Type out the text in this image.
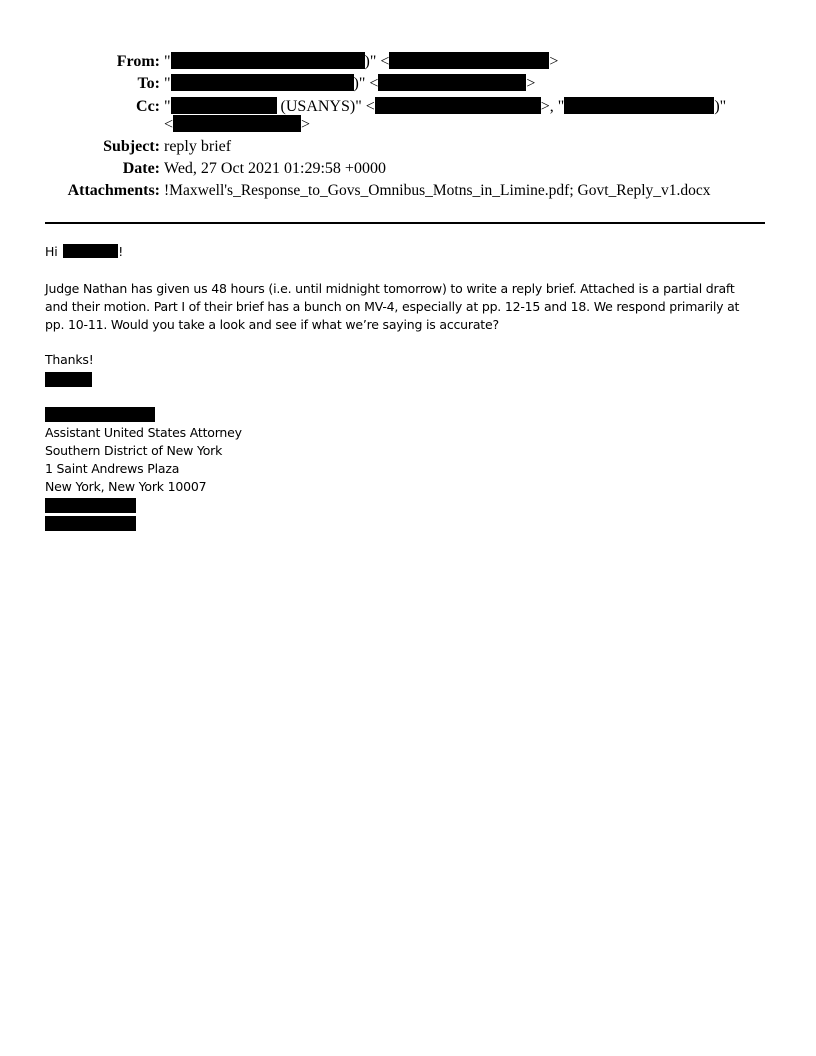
From: "	)" <	>
To: "	)" <	>
Cc: "	(USANYS)" <	>, "	)"
<	>
Subject: reply brief
Date: Wed, 27 Oct 2021 01:29:58 +0000
Attachments: !Maxwell's_Response_to_Govs_Omnibus_Motns_in_Limine.pdf; Govt_Reply_v1.docx
Hi	!
Judge Nathan has given us 48 hours (i.e. until midnight tomorrow) to write a reply brief. Attached is a partial draft and their motion. Part I of their brief has a bunch on MV-4, especially at pp. 12-15 and 18. We respond primarily at pp. 10-11. Would you take a look and see if what we’re saying is accurate?
Thanks!
Assistant United States Attorney
Southern District of New York
1 Saint Andrews Plaza
New York, New York 10007
